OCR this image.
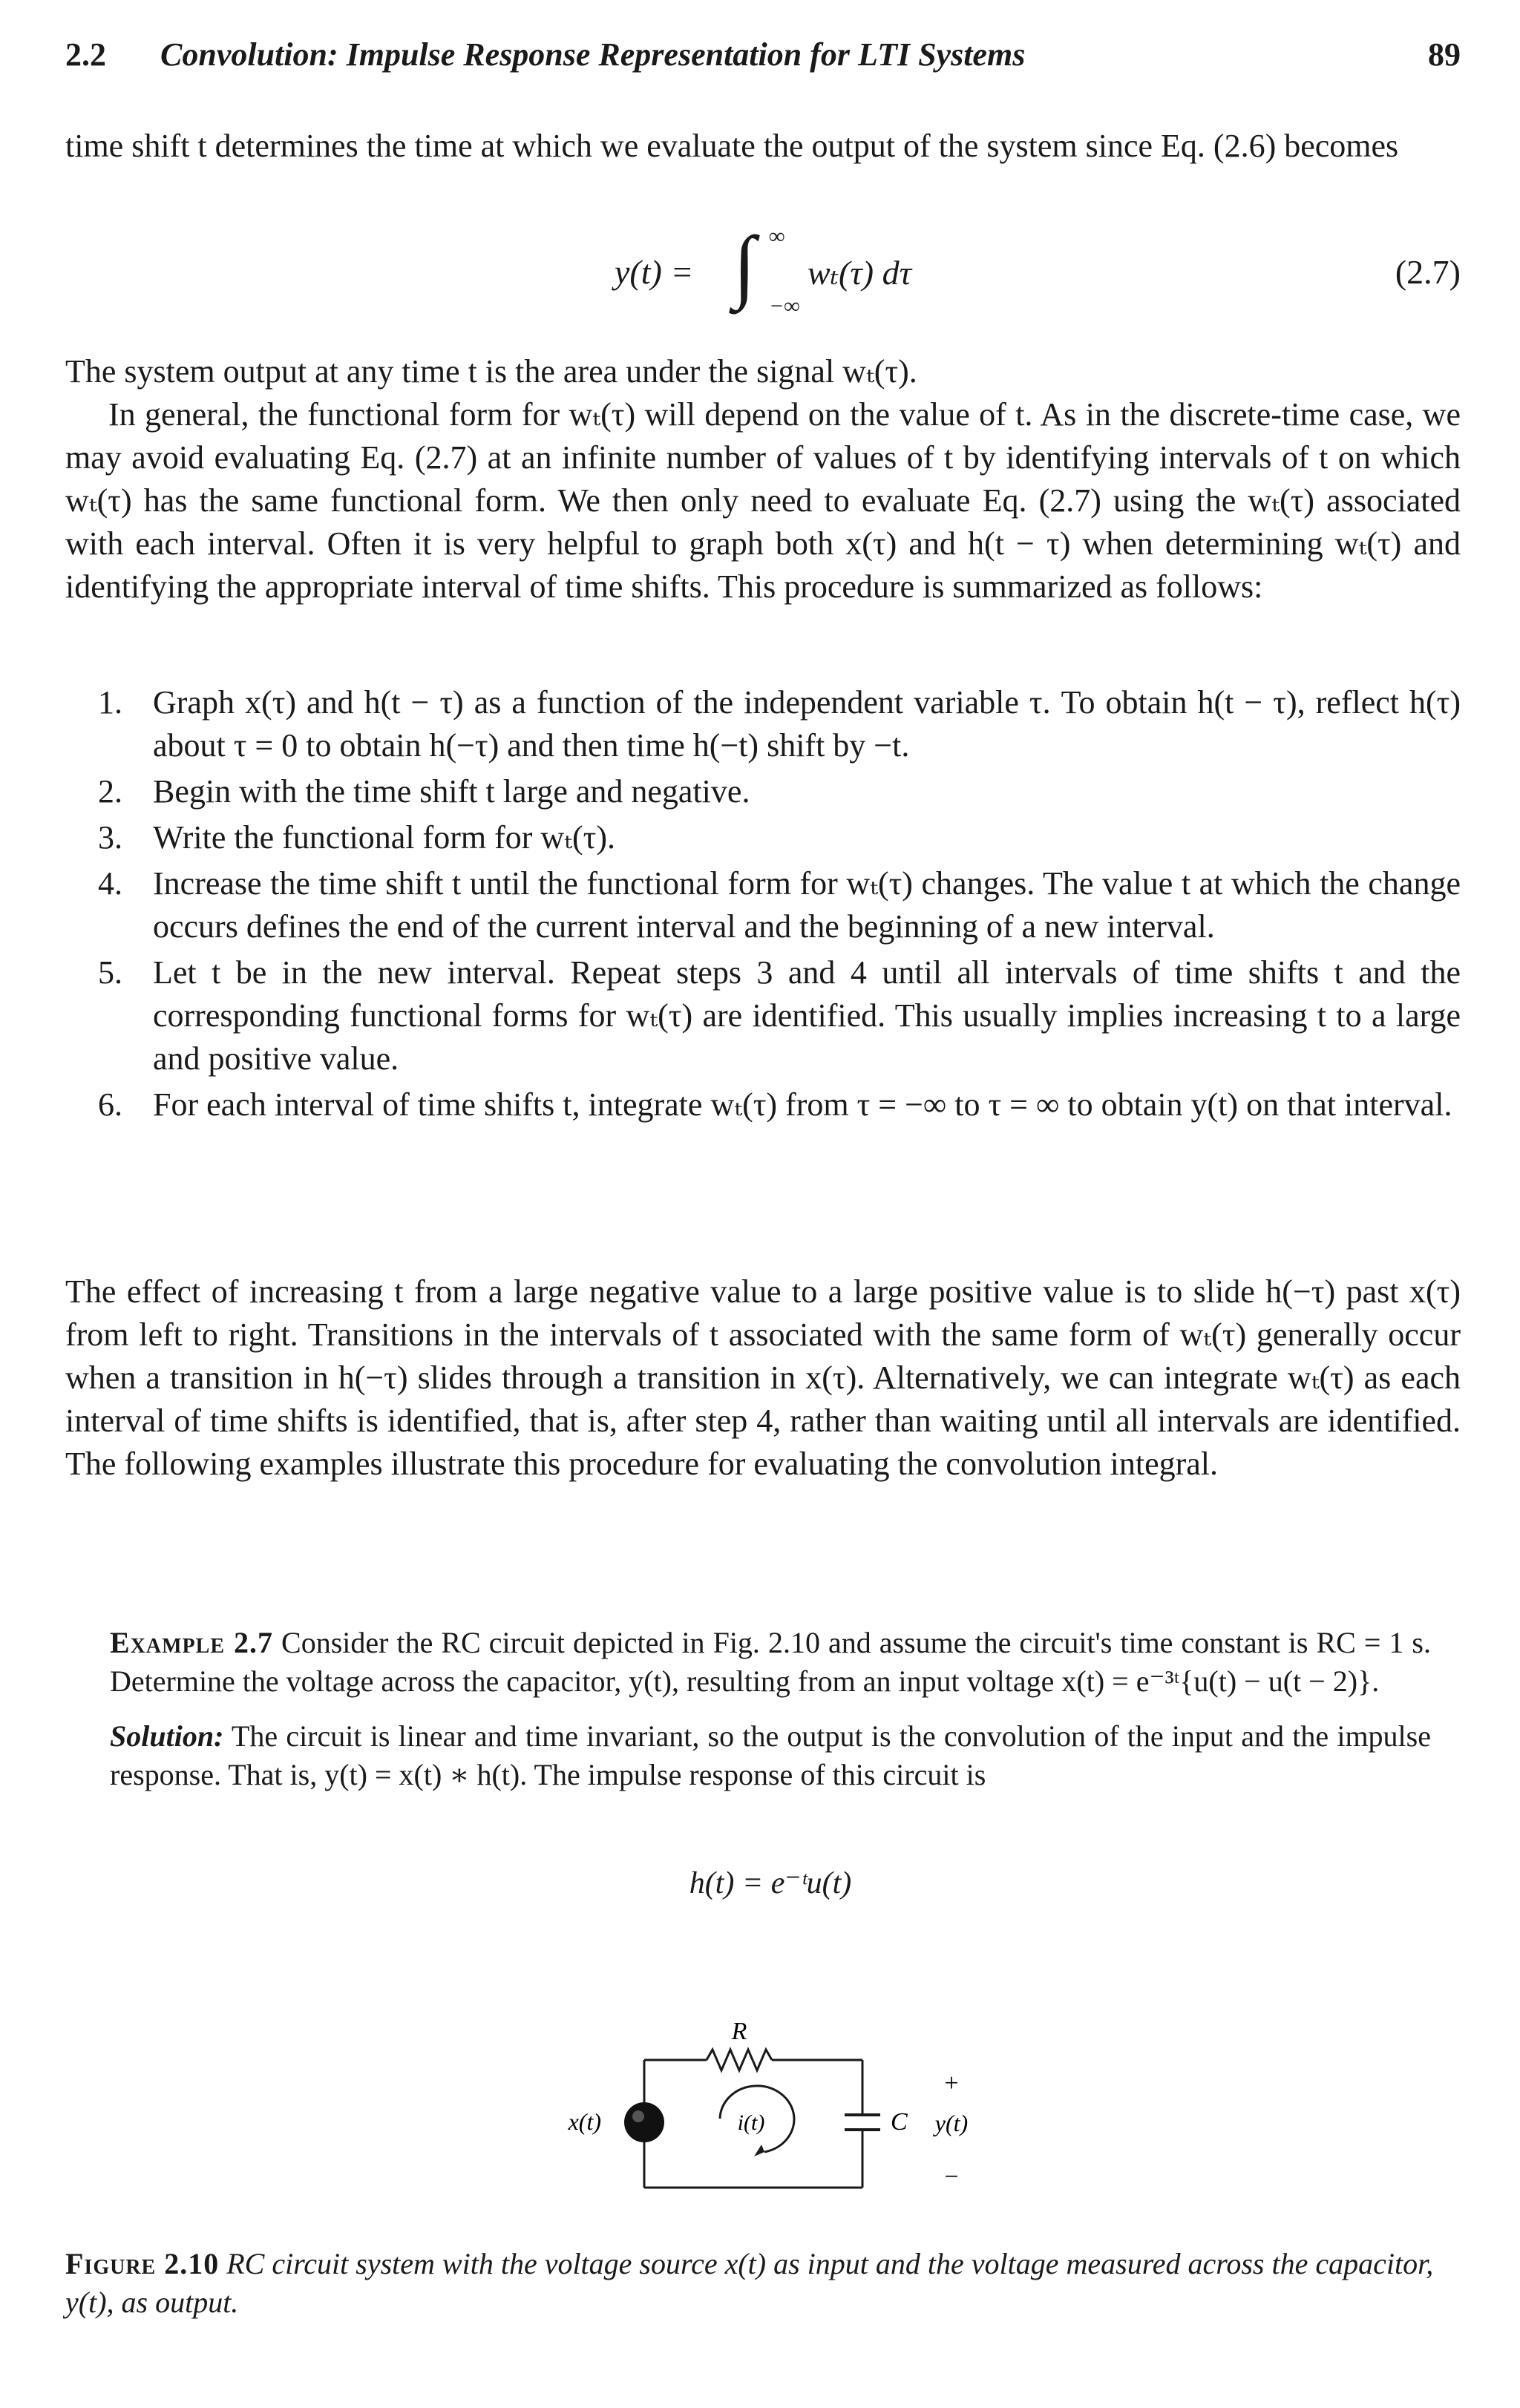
2.2 Convolution: Impulse Response Representation for LTI Systems	89

time shift t determines the time at which we evaluate the output of the system since Eq. (2.6) becomes

y(t) = ∫ ∞
−∞
wₜ(τ) dτ	(2.7)

The system output at any time t is the area under the signal wₜ(τ).

In general, the functional form for wₜ(τ) will depend on the value of t. As in the discrete-time case, we may avoid evaluating Eq. (2.7) at an infinite number of values of t by identifying intervals of t on which wₜ(τ) has the same functional form. We then only need to evaluate Eq. (2.7) using the wₜ(τ) associated with each interval. Often it is very helpful to graph both x(τ) and h(t − τ) when determining wₜ(τ) and identifying the appropriate interval of time shifts. This procedure is summarized as follows:

1. Graph x(τ) and h(t − τ) as a function of the independent variable τ. To obtain h(t − τ), reflect h(τ) about τ = 0 to obtain h(−τ) and then time h(−t) shift by −t.
2. Begin with the time shift t large and negative.
3. Write the functional form for wₜ(τ).
4. Increase the time shift t until the functional form for wₜ(τ) changes. The value t at which the change occurs defines the end of the current interval and the beginning of a new interval.
5. Let t be in the new interval. Repeat steps 3 and 4 until all intervals of time shifts t and the corresponding functional forms for wₜ(τ) are identified. This usually implies increasing t to a large and positive value.
6. For each interval of time shifts t, integrate wₜ(τ) from τ = −∞ to τ = ∞ to obtain y(t) on that interval.

The effect of increasing t from a large negative value to a large positive value is to slide h(−τ) past x(τ) from left to right. Transitions in the intervals of t associated with the same form of wₜ(τ) generally occur when a transition in h(−τ) slides through a transition in x(τ). Alternatively, we can integrate wₜ(τ) as each interval of time shifts is identified, that is, after step 4, rather than waiting until all intervals are identified. The following examples illustrate this procedure for evaluating the convolution integral.

Example 2.7 Consider the RC circuit depicted in Fig. 2.10 and assume the circuit's time constant is RC = 1 s. Determine the voltage across the capacitor, y(t), resulting from an input voltage x(t) = e⁻³ᵗ{u(t) − u(t − 2)}.

Solution: The circuit is linear and time invariant, so the output is the convolution of the input and the impulse response. That is, y(t) = x(t) ∗ h(t). The impulse response of this circuit is

h(t) = e⁻ᵗu(t)
R
x(t)	i(t)	C
+
y(t)
−
Figure 2.10 RC circuit system with the voltage source x(t) as input and the voltage measured across the capacitor, y(t), as output.
